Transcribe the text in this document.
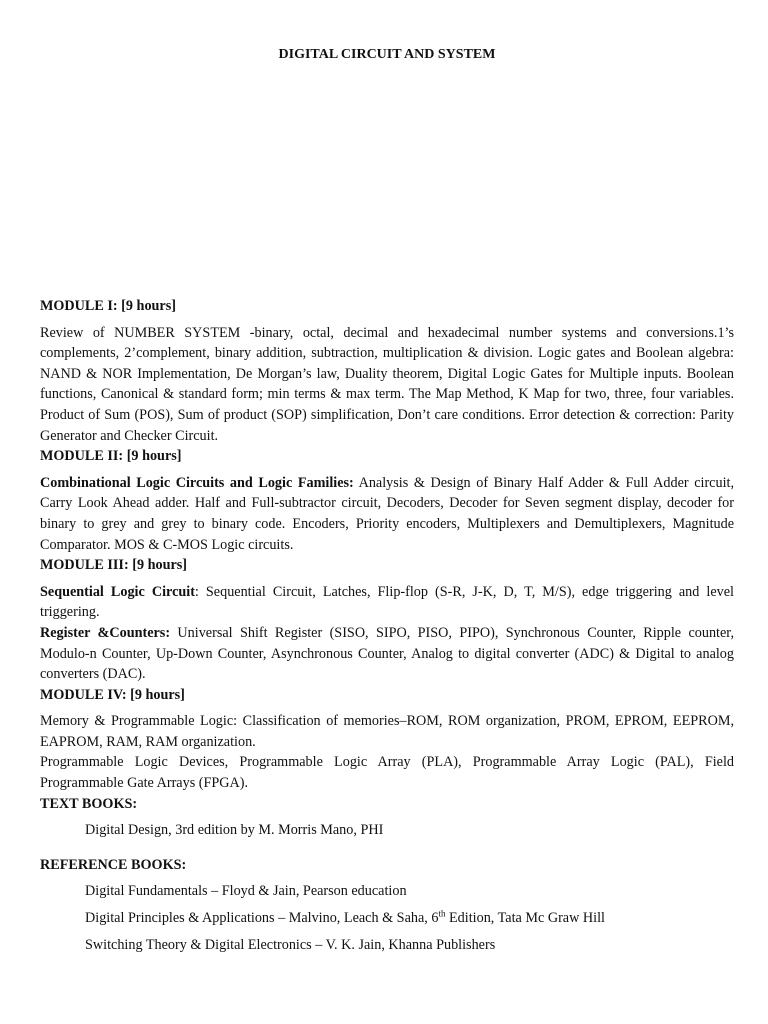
DIGITAL CIRCUIT AND SYSTEM

MODULE I: [9 hours]

Review of NUMBER SYSTEM -binary, octal, decimal and hexadecimal number systems and conversions.1’s complements, 2’complement, binary addition, subtraction, multiplication & division. Logic gates and Boolean algebra: NAND & NOR Implementation, De Morgan’s law, Duality theorem, Digital Logic Gates for Multiple inputs. Boolean functions, Canonical & standard form; min terms & max term. The Map Method, K Map for two, three, four variables. Product of Sum (POS), Sum of product (SOP) simplification, Don’t care conditions. Error detection & correction: Parity Generator and Checker Circuit.

MODULE II: [9 hours]

Combinational Logic Circuits and Logic Families: Analysis & Design of Binary Half Adder & Full Adder circuit, Carry Look Ahead adder. Half and Full-subtractor circuit, Decoders, Decoder for Seven segment display, decoder for binary to grey and grey to binary code. Encoders, Priority encoders, Multiplexers and Demultiplexers, Magnitude Comparator. MOS & C-MOS Logic circuits.

MODULE III: [9 hours]

Sequential Logic Circuit: Sequential Circuit, Latches, Flip-flop (S-R, J-K, D, T, M/S), edge triggering and level triggering.

Register &Counters: Universal Shift Register (SISO, SIPO, PISO, PIPO), Synchronous Counter, Ripple counter, Modulo-n Counter, Up-Down Counter, Asynchronous Counter, Analog to digital converter (ADC) & Digital to analog converters (DAC).

MODULE IV: [9 hours]

Memory & Programmable Logic: Classification of memories–ROM, ROM organization, PROM, EPROM, EEPROM, EAPROM, RAM, RAM organization.

Programmable Logic Devices, Programmable Logic Array (PLA), Programmable Array Logic (PAL), Field Programmable Gate Arrays (FPGA).

TEXT BOOKS:

Digital Design, 3rd edition by M. Morris Mano, PHI

REFERENCE BOOKS:

Digital Fundamentals – Floyd & Jain, Pearson education

Digital Principles & Applications – Malvino, Leach & Saha, 6th Edition, Tata Mc Graw Hill

Switching Theory & Digital Electronics – V. K. Jain, Khanna Publishers
